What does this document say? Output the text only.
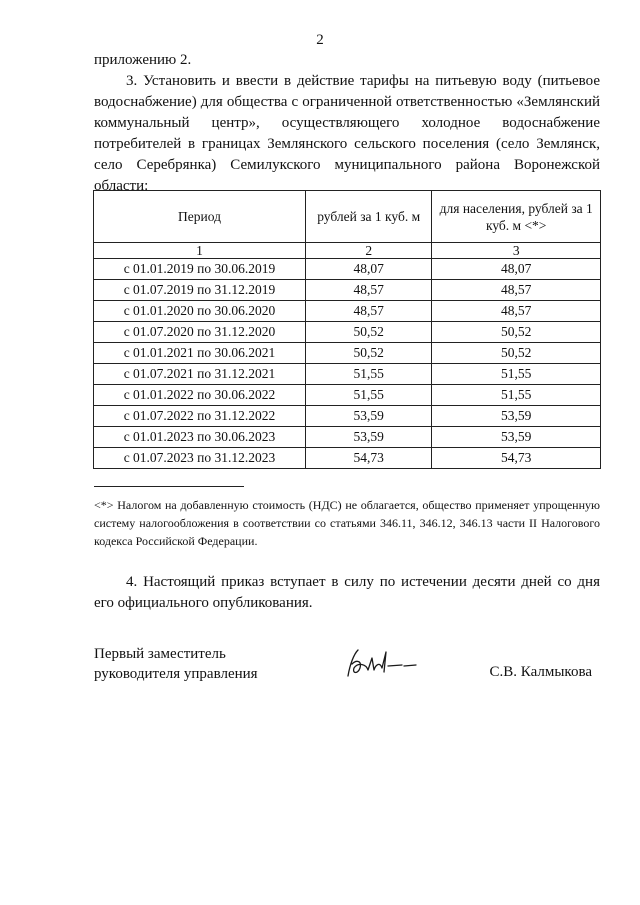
2

приложению 2.

3. Установить и ввести в действие тарифы на питьевую воду (питьевое водоснабжение) для общества с ограниченной ответственностью «Землянский коммунальный центр», осуществляющего холодное водоснабжение потребителей в границах Землянского сельского поселения (село Землянск, село Серебрянка) Семилукского муниципального района Воронежской области:

Период	рублей за 1 куб. м	для населения, рублей за 1 куб. м <*>
1	2	3
с 01.01.2019 по 30.06.2019	48,07	48,07
с 01.07.2019 по 31.12.2019	48,57	48,57
с 01.01.2020 по 30.06.2020	48,57	48,57
с 01.07.2020 по 31.12.2020	50,52	50,52
с 01.01.2021 по 30.06.2021	50,52	50,52
с 01.07.2021 по 31.12.2021	51,55	51,55
с 01.01.2022 по 30.06.2022	51,55	51,55
с 01.07.2022 по 31.12.2022	53,59	53,59
с 01.01.2023 по 30.06.2023	53,59	53,59
с 01.07.2023 по 31.12.2023	54,73	54,73

<*> Налогом на добавленную стоимость (НДС) не облагается, общество применяет упрощенную систему налогообложения в соответствии со статьями 346.11, 346.12, 346.13 части II Налогового кодекса Российской Федерации.

4. Настоящий приказ вступает в силу по истечении десяти дней со дня его официального опубликования.

Первый заместитель
руководителя управления	С.В. Калмыкова
